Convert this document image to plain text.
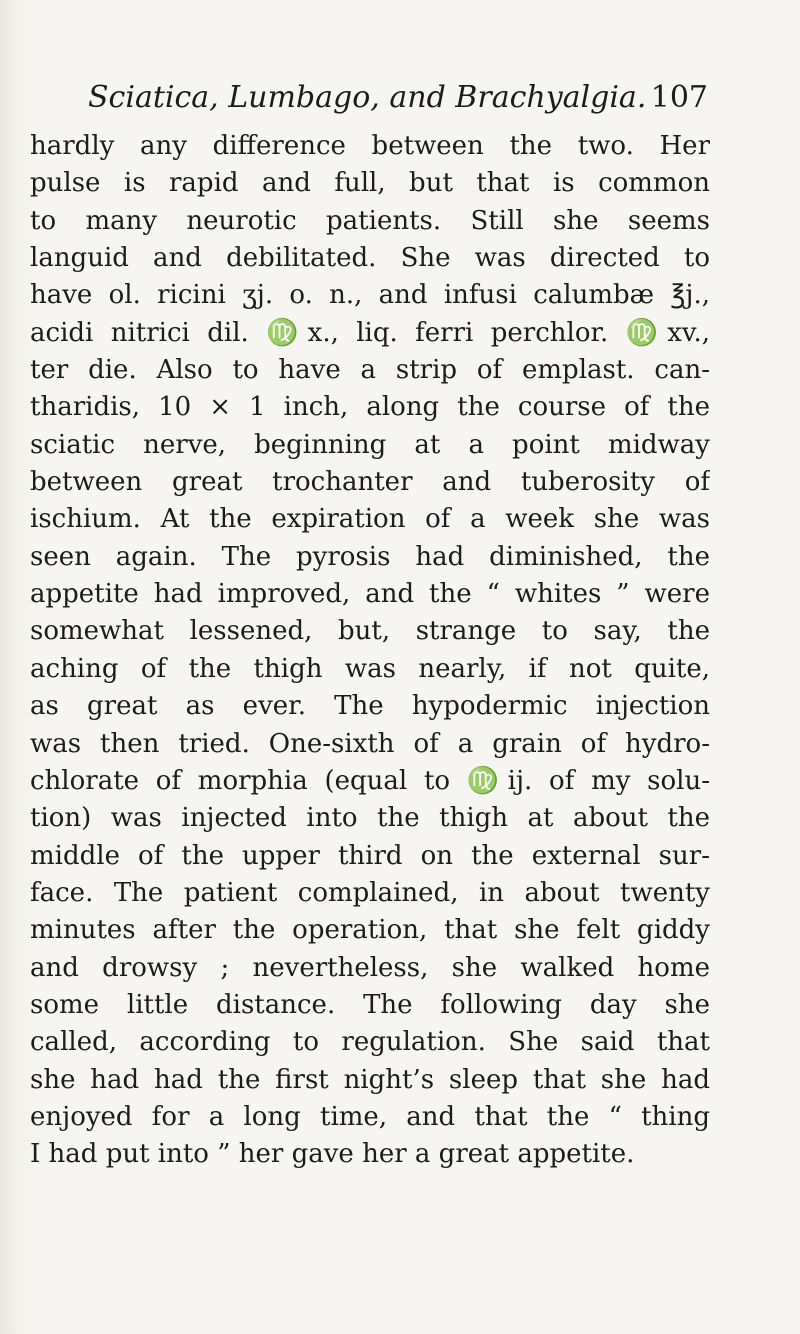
Sciatica, Lumbago, and Brachyalgia. 107
hardly any difference between the two. Her
pulse is rapid and full, but that is common
to many neurotic patients. Still she seems
languid and debilitated. She was directed to
have ol. ricini ʒj. o. n., and infusi calumbæ ℥j.,
acidi nitrici dil. ♍x., liq. ferri perchlor. ♍xv.,
ter die. Also to have a strip of emplast. can-
tharidis, 10 × 1 inch, along the course of the
sciatic nerve, beginning at a point midway
between great trochanter and tuberosity of
ischium. At the expiration of a week she was
seen again. The pyrosis had diminished, the
appetite had improved, and the “ whites ” were
somewhat lessened, but, strange to say, the
aching of the thigh was nearly, if not quite,
as great as ever. The hypodermic injection
was then tried. One-sixth of a grain of hydro-
chlorate of morphia (equal to ♍ij. of my solu-
tion) was injected into the thigh at about the
middle of the upper third on the external sur-
face. The patient complained, in about twenty
minutes after the operation, that she felt giddy
and drowsy ; nevertheless, she walked home
some little distance. The following day she
called, according to regulation. She said that
she had had the first night’s sleep that she had
enjoyed for a long time, and that the “ thing
I had put into ” her gave her a great appetite.
